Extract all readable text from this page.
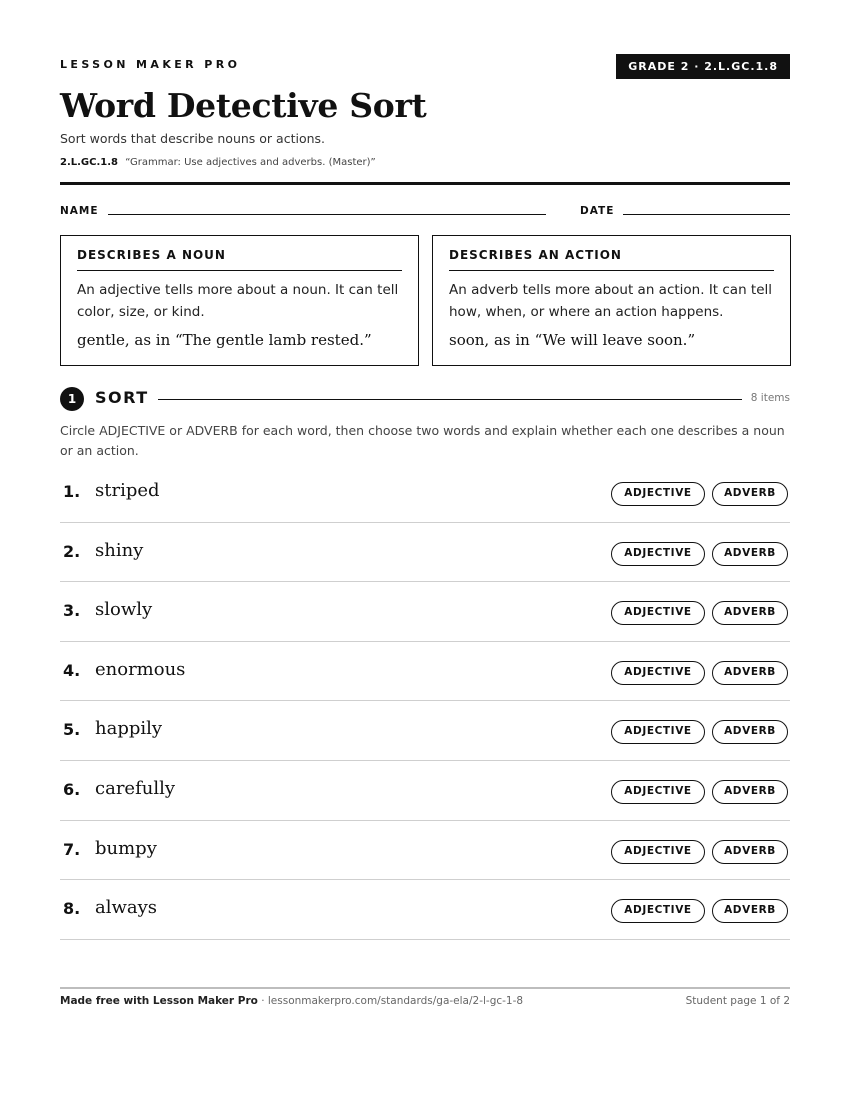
LESSON MAKER PRO	GRADE 2 · 2.L.GC.1.8
Word Detective Sort
Sort words that describe nouns or actions.
2.L.GC.1.8 “Grammar: Use adjectives and adverbs. (Master)”
NAME	DATE
DESCRIBES A NOUN
An adjective tells more about a noun. It can tell color, size, or kind.
gentle, as in “The gentle lamb rested.”
DESCRIBES AN ACTION
An adverb tells more about an action. It can tell how, when, or where an action happens.
soon, as in “We will leave soon.”
1	SORT	8 items
Circle ADJECTIVE or ADVERB for each word, then choose two words and explain whether each one describes a noun or an action.
1. striped	ADJECTIVE	ADVERB
2. shiny	ADJECTIVE	ADVERB
3. slowly	ADJECTIVE	ADVERB
4. enormous	ADJECTIVE	ADVERB
5. happily	ADJECTIVE	ADVERB
6. carefully	ADJECTIVE	ADVERB
7. bumpy	ADJECTIVE	ADVERB
8. always	ADJECTIVE	ADVERB
Made free with Lesson Maker Pro · lessonmakerpro.com/standards/ga-ela/2-l-gc-1-8	Student page 1 of 2
